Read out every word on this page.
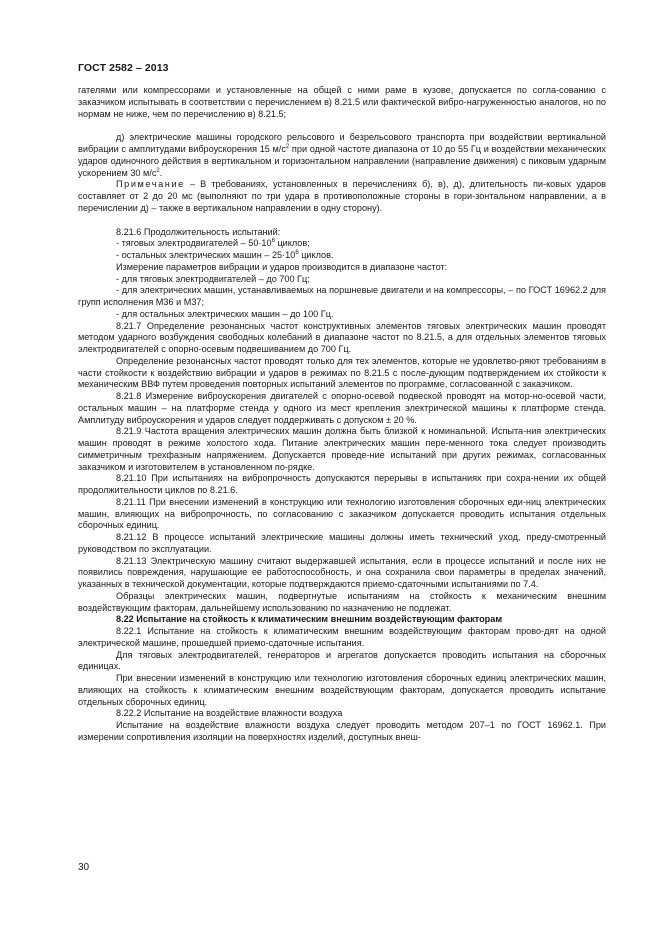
ГОСТ 2582 – 2013

гателями или компрессорами и установленные на общей с ними раме в кузове, допускается по согла-сованию с заказчиком испытывать в соответствии с перечислением в) 8.21.5 или фактической вибро-нагруженностью аналогов, но по нормам не ниже, чем по перечислению в) 8.21.5;

д) электрические машины городского рельсового и безрельсового транспорта при воздействии вертикальной вибрации с амплитудами виброускорения 15 $м/с^2$ при одной частоте диапазона от 10 до 55 Гц и воздействии механических ударов одиночного действия в вертикальном и горизонтальном направлении (направление движения) с пиковым ударным ускорением 30 $м/с^2$.

Примечание – В требованиях, установленных в перечислениях б), в), д), длительность пи-ковых ударов составляет от 2 до 20 мс (выполняют по три удара в противоположные стороны в гори-зонтальном направлении, а в перечислении д) – также в вертикальном направлении в одну сторону).

8.21.6 Продолжительность испытаний:

- тяговых электродвигателей – $50\cdot 10^6$ циклов;

- остальных электрических машин – $25\cdot 10^6$ циклов.

Измерение параметров вибрации и ударов производится в диапазоне частот:

- для тяговых электродвигателей – до 700 Гц;

- для электрических машин, устанавливаемых на поршневые двигатели и на компрессоры, – по ГОСТ 16962.2 для групп исполнения М36 и М37;

- для остальных электрических машин – до 100 Гц.

8.21.7 Определение резонансных частот конструктивных элементов тяговых электрических машин проводят методом ударного возбуждения свободных колебаний в диапазоне частот по 8.21.5, а для отдельных элементов тяговых электродвигателей с опорно-осевым подвешиванием до 700 Гц.

Определение резонансных частот проводят только для тех элементов, которые не удовлетво-ряют требованиям в части стойкости к воздействию вибрации и ударов в режимах по 8.21.5 с после-дующим подтверждением их стойкости к механическим ВВФ путем проведения повторных испытаний элементов по программе, согласованной с заказчиком.

8.21.8 Измерение виброускорения двигателей с опорно-осевой подвеской проводят на мотор-но-осевой части, остальных машин – на платформе стенда у одного из мест крепления электрической машины к платформе стенда. Амплитуду виброускорения и ударов следует поддерживать с допуском ± 20 %.

8.21.9 Частота вращения электрических машин должна быть близкой к номинальной. Испыта-ния электрических машин проводят в режиме холостого хода. Питание электрических машин пере-менного тока следует производить симметричным трехфазным напряжением. Допускается проведе-ние испытаний при других режимах, согласованных заказчиком и изготовителем в установленном по-рядке.

8.21.10 При испытаниях на вибропрочность допускаются перерывы в испытаниях при сохра-нении их общей продолжительности циклов по 8.21.6.

8.21.11 При внесении изменений в конструкцию или технологию изготовления сборочных еди-ниц электрических машин, влияющих на вибропрочность, по согласованию с заказчиком допускается проводить испытания отдельных сборочных единиц.

8.21.12 В процессе испытаний электрические машины должны иметь технический уход, преду-смотренный руководством по эксплуатации.

8.21.13 Электрическую машину считают выдержавшей испытания, если в процессе испытаний и после них не появились повреждения, нарушающие ее работоспособность, и она сохранила свои параметры в пределах значений, указанных в технической документации, которые подтверждаются приемо-сдаточными испытаниями по 7.4.

Образцы электрических машин, подвергнутые испытаниям на стойкость к механическим внешним воздействующим факторам, дальнейшему использованию по назначению не подлежат.

8.22 Испытание на стойкость к климатическим внешним воздействующим факторам

8.22.1 Испытание на стойкость к климатическим внешним воздействующим факторам прово-дят на одной электрической машине, прошедшей приемо-сдаточные испытания.

Для тяговых электродвигателей, генераторов и агрегатов допускается проводить испытания на сборочных единицах.

При внесении изменений в конструкцию или технологию изготовления сборочных единиц электрических машин, влияющих на стойкость к климатическим внешним воздействующим факторам, допускается проводить испытание отдельных сборочных единиц.

8.22.2 Испытание на воздействие влажности воздуха

Испытание на воздействие влажности воздуха следует проводить методом 207–1 по ГОСТ 16962.1. При измерении сопротивления изоляции на поверхностях изделий, доступных внеш-

30
